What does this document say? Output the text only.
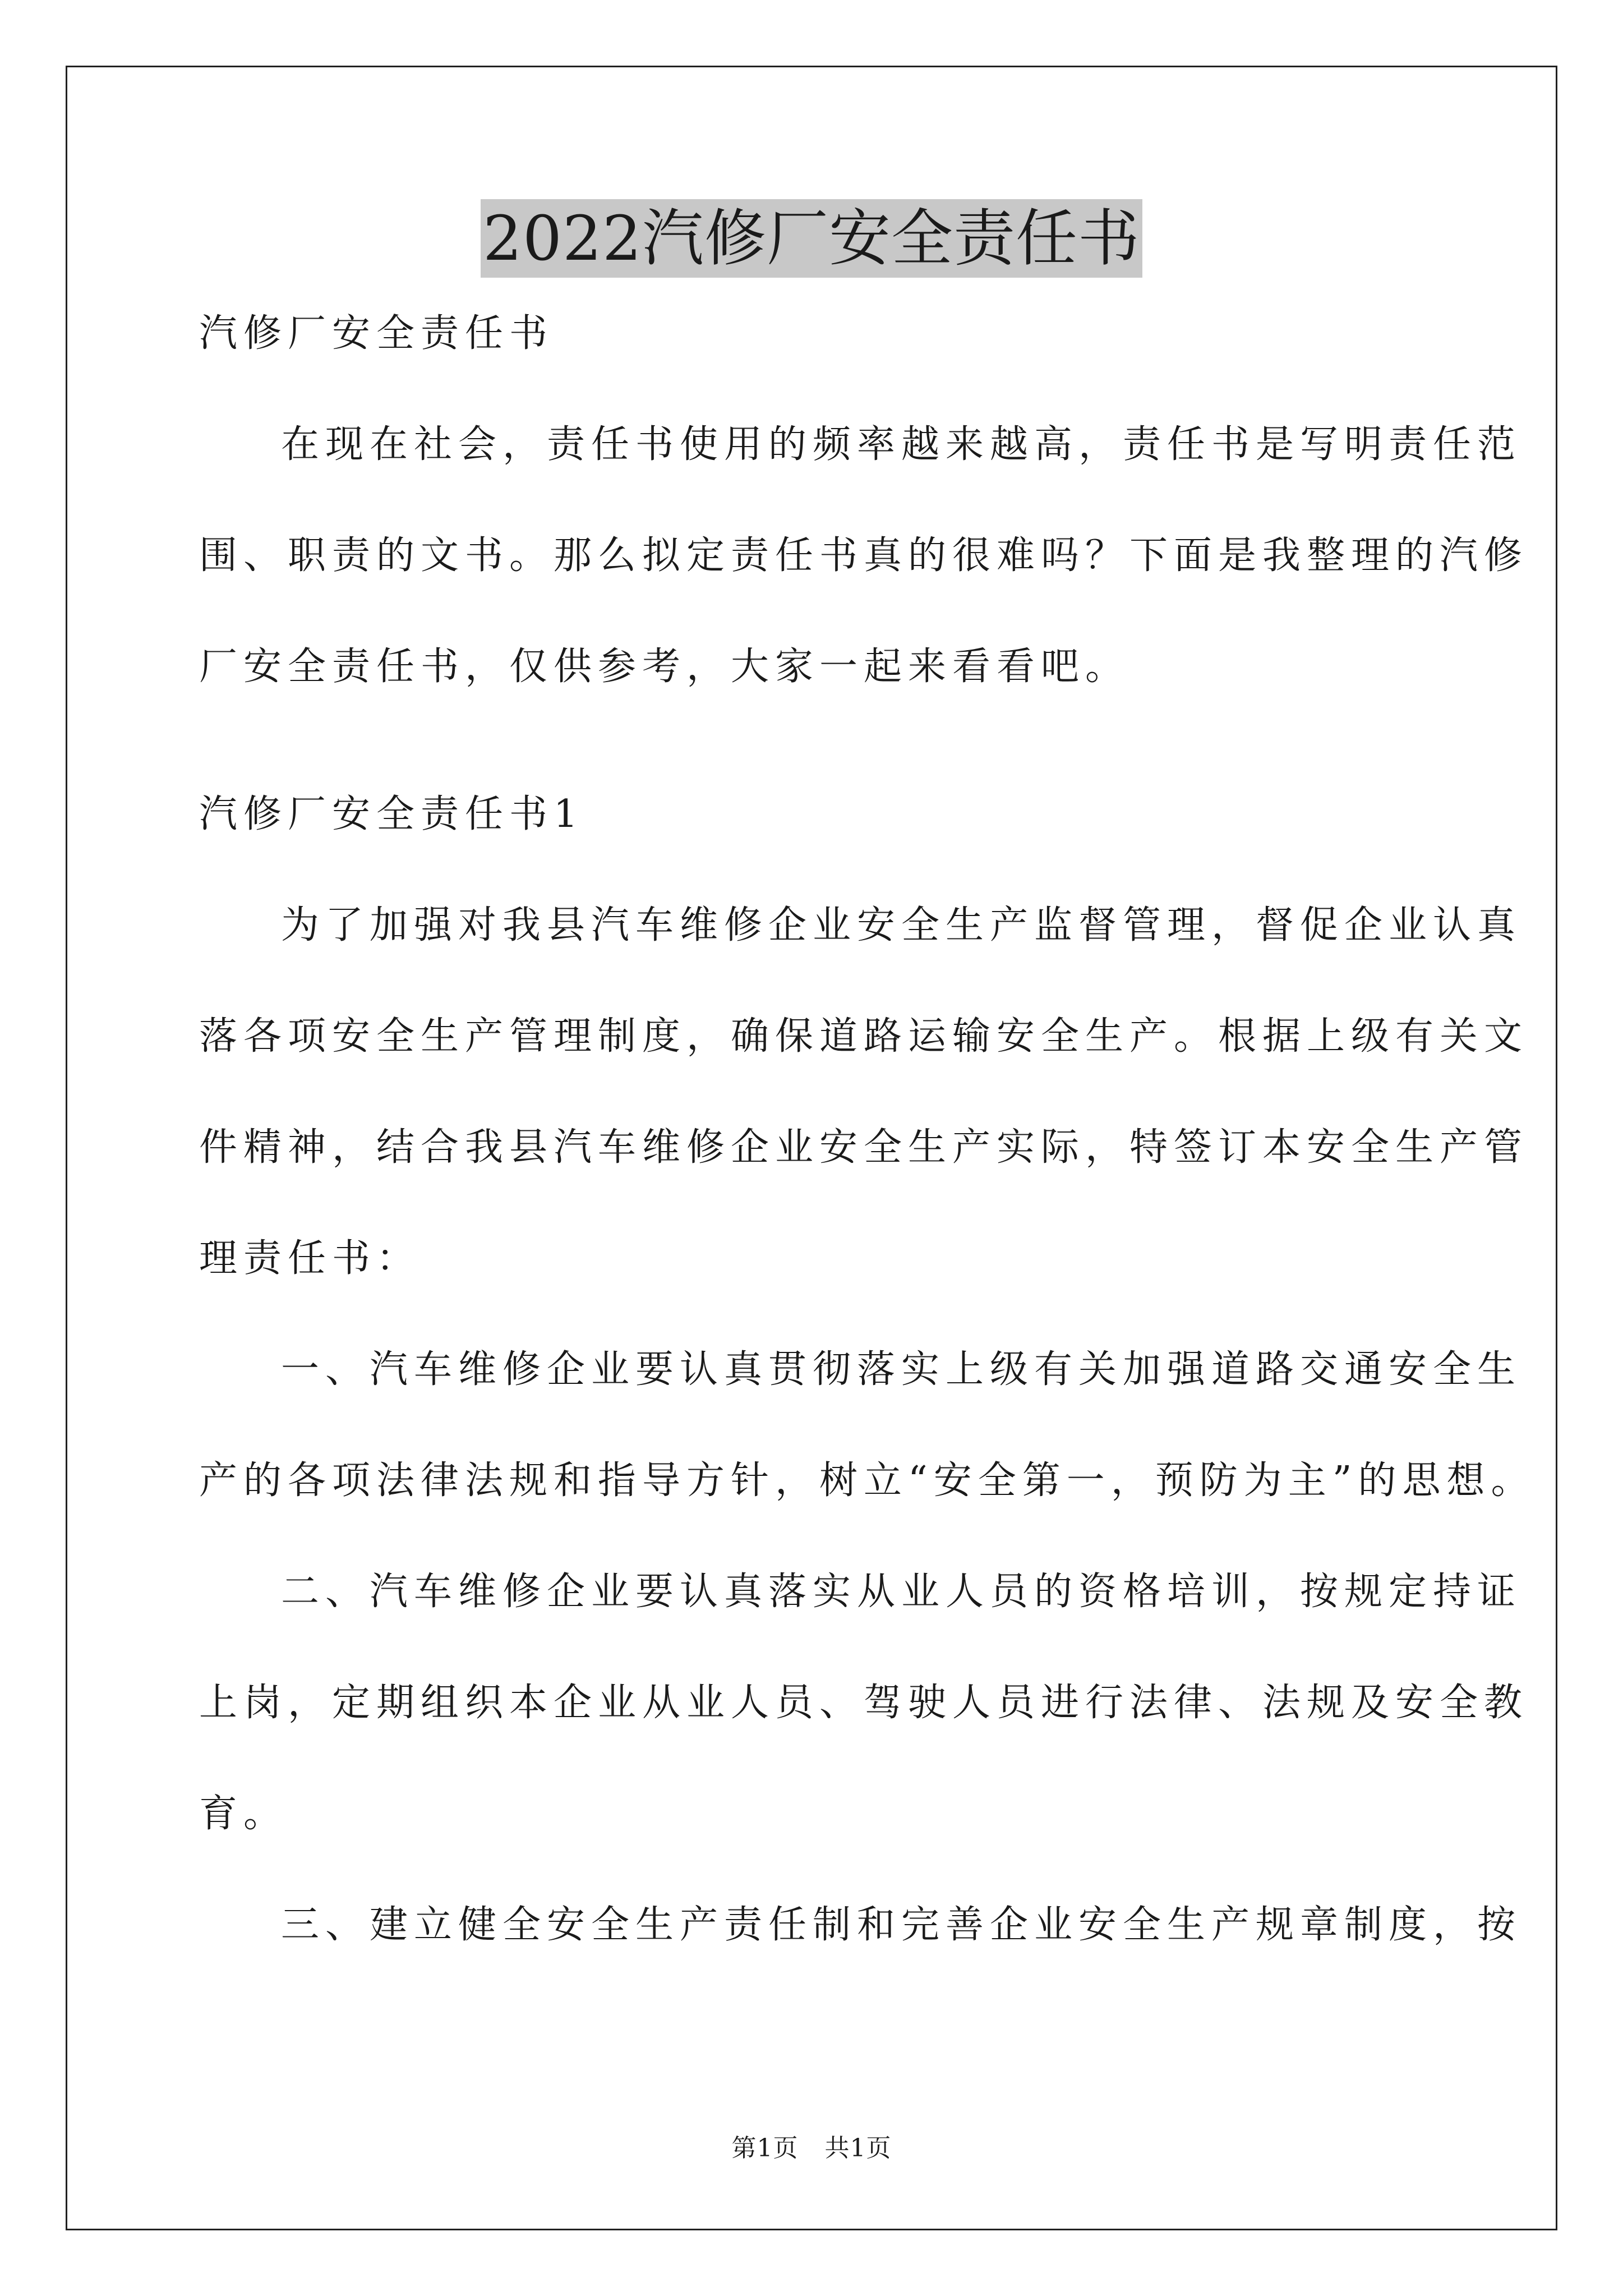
2022汽修厂安全责任书
汽修厂安全责任书
在现在社会，责任书使用的频率越来越高，责任书是写明责任范
围、职责的文书。那么拟定责任书真的很难吗？下面是我整理的汽修
厂安全责任书，仅供参考，大家一起来看看吧。
汽修厂安全责任书1
为了加强对我县汽车维修企业安全生产监督管理，督促企业认真
落各项安全生产管理制度，确保道路运输安全生产。根据上级有关文
件精神，结合我县汽车维修企业安全生产实际，特签订本安全生产管
理责任书：
一、汽车维修企业要认真贯彻落实上级有关加强道路交通安全生
产的各项法律法规和指导方针，树立“安全第一，预防为主”的思想。
二、汽车维修企业要认真落实从业人员的资格培训，按规定持证
上岗，定期组织本企业从业人员、驾驶人员进行法律、法规及安全教
育。
三、建立健全安全生产责任制和完善企业安全生产规章制度，按
第1页 共1页
